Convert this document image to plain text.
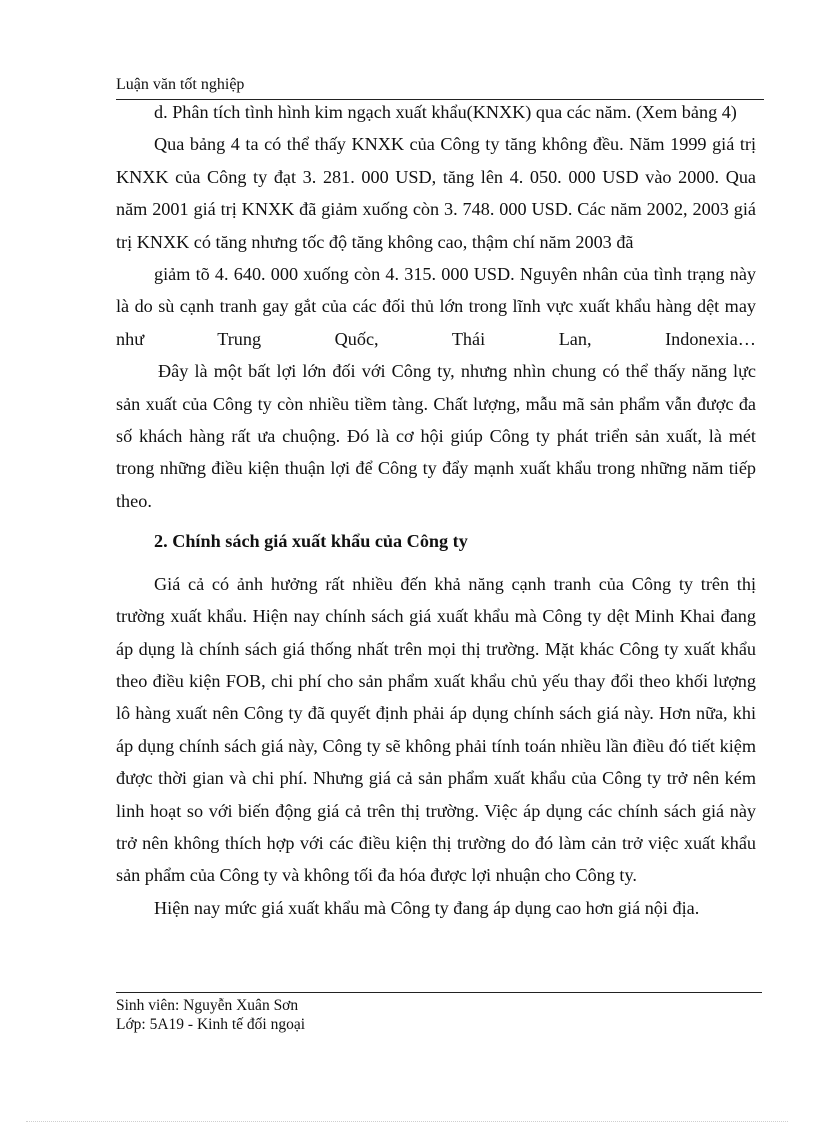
Luận văn tốt nghiệp

d. Phân tích tình hình kim ngạch xuất khẩu(KNXK) qua các năm. (Xem bảng 4)

Qua bảng 4 ta có thể thấy KNXK của Công ty tăng không đều. Năm 1999 giá trị KNXK của Công ty đạt 3. 281. 000 USD, tăng lên 4. 050. 000 USD vào 2000. Qua năm 2001 giá trị KNXK đã giảm xuống còn 3. 748. 000 USD. Các năm 2002, 2003 giá trị KNXK có tăng nhưng tốc độ tăng không cao, thậm chí năm 2003 đã

giảm tõ 4. 640. 000 xuống còn 4. 315. 000 USD. Nguyên nhân của tình trạng này là do sù cạnh tranh gay gắt của các đối thủ lớn trong lĩnh vực xuất khẩu hàng dệt may như Trung Quốc, Thái Lan, Indonexia…

Đây là một bất lợi lớn đối với Công ty, nhưng nhìn chung có thể thấy năng lực sản xuất của Công ty còn nhiều tiềm tàng. Chất lượng, mẫu mã sản phẩm vẫn được đa số khách hàng rất ưa chuộng. Đó là cơ hội giúp Công ty phát triển sản xuất, là mét trong những điều kiện thuận lợi để Công ty đẩy mạnh xuất khẩu trong những năm tiếp theo.

2. Chính sách giá xuất khẩu của Công ty

Giá cả có ảnh hưởng rất nhiều đến khả năng cạnh tranh của Công ty trên thị trường xuất khẩu. Hiện nay chính sách giá xuất khẩu mà Công ty dệt Minh Khai đang áp dụng là chính sách giá thống nhất trên mọi thị trường. Mặt khác Công ty xuất khẩu theo điều kiện FOB, chi phí cho sản phẩm xuất khẩu chủ yếu thay đổi theo khối lượng lô hàng xuất nên Công ty đã quyết định phải áp dụng chính sách giá này. Hơn nữa, khi áp dụng chính sách giá này, Công ty sẽ không phải tính toán nhiều lần điều đó tiết kiệm được thời gian và chi phí. Nhưng giá cả sản phẩm xuất khẩu của Công ty trở nên kém linh hoạt so với biến động giá cả trên thị trường. Việc áp dụng các chính sách giá này trở nên không thích hợp với các điều kiện thị trường do đó làm cản trở việc xuất khẩu sản phẩm của Công ty và không tối đa hóa được lợi nhuận cho Công ty.

Hiện nay mức giá xuất khẩu mà Công ty đang áp dụng cao hơn giá nội địa.

Sinh viên: Nguyễn Xuân Sơn
Lớp: 5A19 - Kinh tế đối ngoại
